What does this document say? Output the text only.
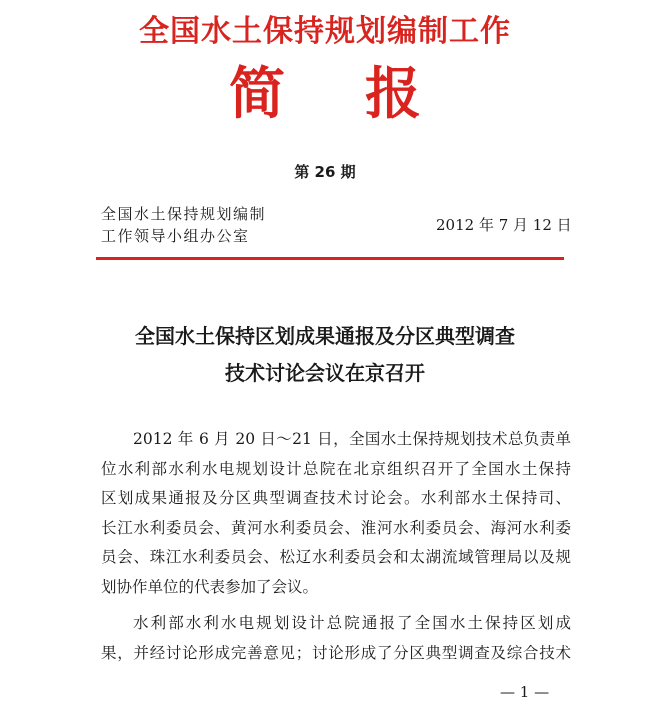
全国水土保持规划编制工作
简报
第 26 期
全国水土保持规划编制
工作领导小组办公室
2012 年 7 月 12 日
全国水土保持区划成果通报及分区典型调查
技术讨论会议在京召开
2012 年 6 月 20 日～21 日，全国水土保持规划技术总负责单
位水利部水利水电规划设计总院在北京组织召开了全国水土保持
区划成果通报及分区典型调查技术讨论会。水利部水土保持司、
长江水利委员会、黄河水利委员会、淮河水利委员会、海河水利委
员会、珠江水利委员会、松辽水利委员会和太湖流域管理局以及规
划协作单位的代表参加了会议。
水利部水利水电规划设计总院通报了全国水土保持区划成
果，并经讨论形成完善意见；讨论形成了分区典型调查及综合技术
— 1 —
